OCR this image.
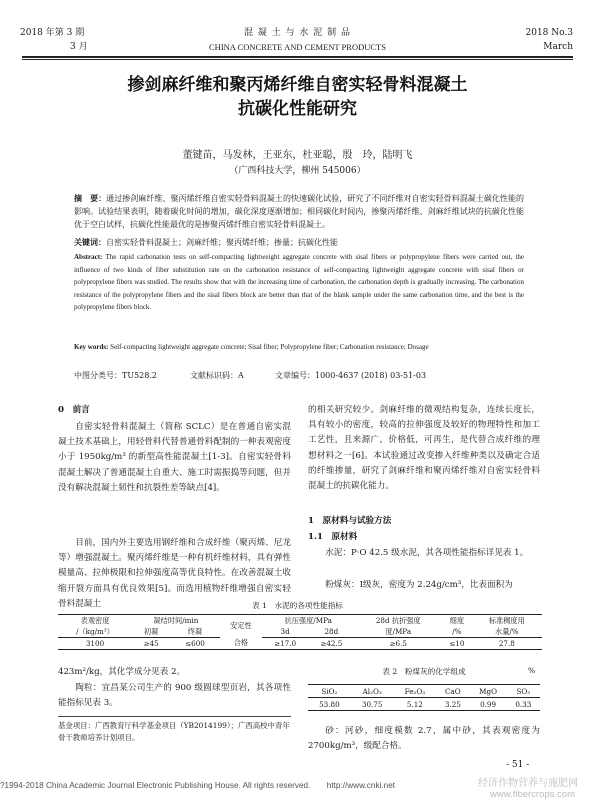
2018 年第 3 期
3 月
混 凝 土 与 水 泥 制 品
CHINA CONCRETE AND CEMENT PRODUCTS
2018 No.3
March
掺剑麻纤维和聚丙烯纤维自密实轻骨料混凝土
抗碳化性能研究
董键苗，马发林，王亚东，杜亚聪，殷　玲，陆明飞
（广西科技大学，柳州 545006）
摘　要：通过掺剑麻纤维、聚丙烯纤维自密实轻骨料混凝土的快速碳化试验，研究了不同纤维对自密实轻骨料混凝土碳化性能的影响。试验结果表明，随着碳化时间的增加，碳化深度逐渐增加；相同碳化时间内，掺聚丙烯纤维、剑麻纤维试块的抗碳化性能优于空白试样，抗碳化性能最优的是掺聚丙烯纤维自密实轻骨料混凝土。
关键词：自密实轻骨料混凝土；剑麻纤维；聚丙烯纤维；掺量；抗碳化性能
Abstract: The rapid carbonation tests on self-compacting lightweight aggregate concrete with sisal fibers or polypropylene fibers were carried out, the influence of two kinds of fiber substitution rate on the carbonation resistance of self-compacting lightweight aggregate concrete with sisal fibers or polypropylene fibers was studied. The results show that with the increasing time of carbonation, the carbonation depth is gradually increasing. The carbonation resistance of the polypropylene fibers and the sisal fibers block are better than that of the blank sample under the same carbonation time, and the best is the polypropylene fibers block.
Key words: Self-compacting lightweight aggregate concrete; Sisal fiber; Polypropylene fiber; Carbonation resistance; Dosage
中图分类号：TU528.2	文献标识码：A	文章编号：1000-4637 (2018) 03-51-03
0　前言
自密实轻骨料混凝土（简称 SCLC）是在普通自密实混凝土技术基础上，用轻骨料代替普通骨料配制的一种表观密度小于 1950kg/m³ 的新型高性能混凝土[1-3]。自密实轻骨料混凝土解决了普通混凝土自重大、施工时需振捣等问题，但并没有解决混凝土韧性和抗裂性差等缺点[4]。
目前，国内外主要选用钢纤维和合成纤维（聚丙烯、尼龙等）增强混凝土。聚丙烯纤维是一种有机纤维材料，具有弹性模量高、拉伸极限和拉伸强度高等优良特性。在改善混凝土收缩开裂方面具有优良效果[5]。而选用植物纤维增强自密实轻骨料混凝土
的相关研究较少。剑麻纤维的微观结构复杂，连续长度长，具有较小的密度，较高的拉伸强度及较好的物理特性和加工工艺性，且来源广，价格低，可再生，是代替合成纤维的理想材料之一[6]。本试验通过改变掺入纤维种类以及确定合适的纤维掺量，研究了剑麻纤维和聚丙烯纤维对自密实轻骨料混凝土的抗碳化能力。
1　原材料与试验方法
1.1　原材料
水泥：P·O 42.5 级水泥，其各项性能指标详见表 1。
粉煤灰：Ⅰ级灰，密度为 2.24g/cm³，比表面积为
表 1　水泥的各项性能指标
表观密度	凝结时间/min		安定性	抗压强度/MPa		28d 抗折强度	细度	标准稠度用
/（kg/m³）	初凝	终凝		3d	28d	度/MPa	/%	水量/%
3100	≥45	≤600	合格	≥17.0	≥42.5	≥6.5	≤10	27.8
423m²/kg，其化学成分见表 2。
陶粒：宜昌某公司生产的 900 级圆球型页岩，其各项性能指标见表 3。
基金项目：广西教育厅科学基金项目（YB2014199）；广西高校中青年骨干教师培养计划项目。
表 2　粉煤灰的化学组成	%
SiO₂	Al₂O₃	Fe₂O₃	CaO	MgO	SO₃
53.80	30.75	5.12	3.25	0.99	0.33
砂：河砂，细度模数 2.7，属中砂，其表观密度为 2700kg/m³，级配合格。
- 51 -
?1994-2018 China Academic Journal Electronic Publishing House. All rights reserved.　　http://www.cnki.net	经济作物营养与施肥网
www.fibercrops.com
